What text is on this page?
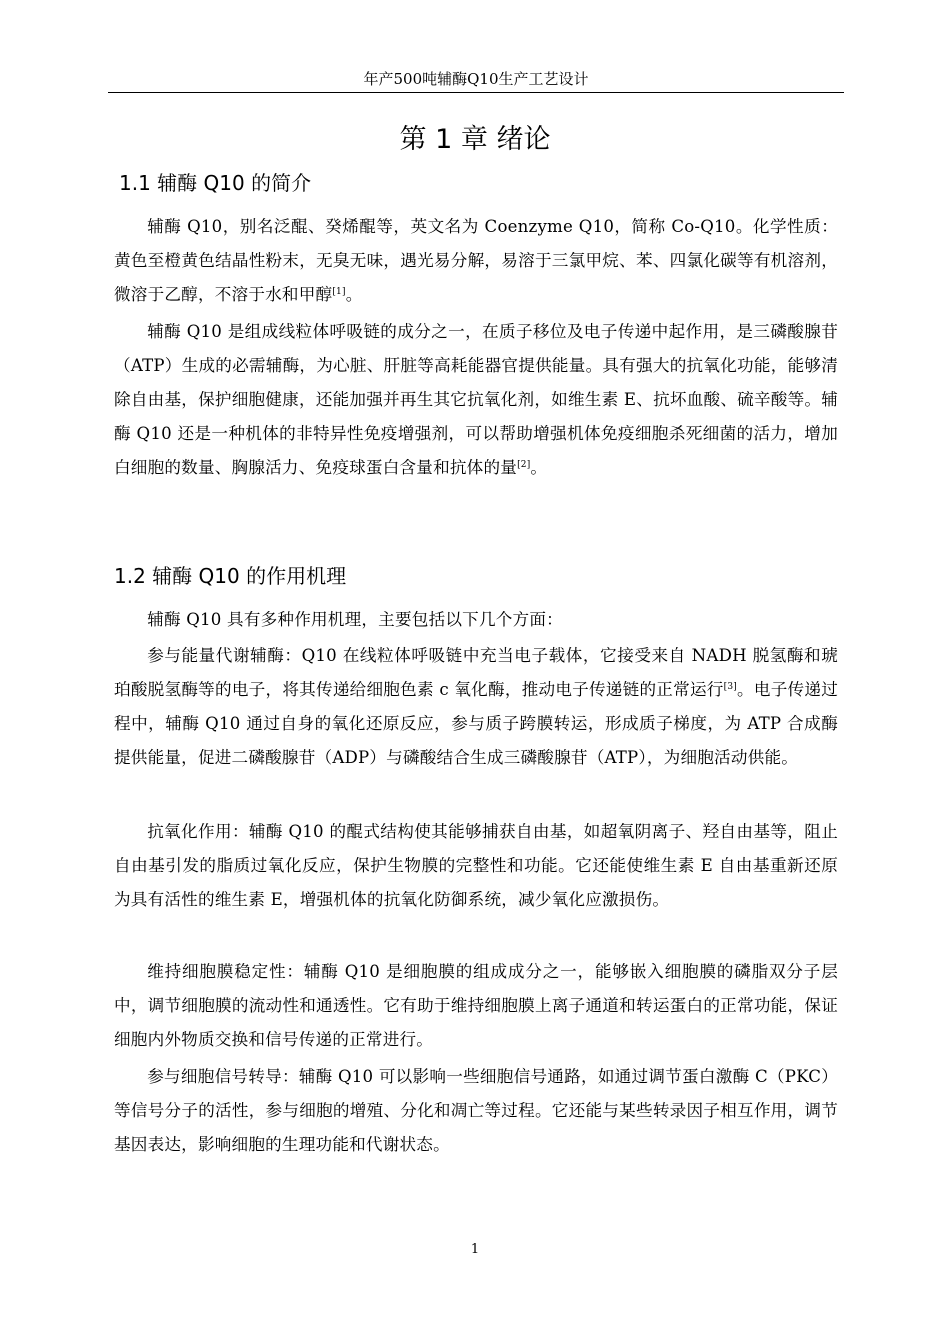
年产500吨辅酶Q10生产工艺设计
第 1 章 绪论
1.1 辅酶 Q10 的简介

辅酶 Q10，别名泛醌、癸烯醌等，英文名为 Coenzyme Q10，简称 Co-Q10。化学性质：黄色至橙黄色结晶性粉末，无臭无味，遇光易分解，易溶于三氯甲烷、苯、四氯化碳等有机溶剂，微溶于乙醇，不溶于水和甲醇[1]。

辅酶 Q10 是组成线粒体呼吸链的成分之一，在质子移位及电子传递中起作用，是三磷酸腺苷（ATP）生成的必需辅酶，为心脏、肝脏等高耗能器官提供能量。具有强大的抗氧化功能，能够清除自由基，保护细胞健康，还能加强并再生其它抗氧化剂，如维生素 E、抗坏血酸、硫辛酸等。辅酶 Q10 还是一种机体的非特异性免疫增强剂，可以帮助增强机体免疫细胞杀死细菌的活力，增加白细胞的数量、胸腺活力、免疫球蛋白含量和抗体的量[2]。

1.2 辅酶 Q10 的作用机理

辅酶 Q10 具有多种作用机理，主要包括以下几个方面：

参与能量代谢辅酶：Q10 在线粒体呼吸链中充当电子载体，它接受来自 NADH 脱氢酶和琥珀酸脱氢酶等的电子，将其传递给细胞色素 c 氧化酶，推动电子传递链的正常运行[3]。电子传递过程中，辅酶 Q10 通过自身的氧化还原反应，参与质子跨膜转运，形成质子梯度，为 ATP 合成酶提供能量，促进二磷酸腺苷（ADP）与磷酸结合生成三磷酸腺苷（ATP），为细胞活动供能。

抗氧化作用：辅酶 Q10 的醌式结构使其能够捕获自由基，如超氧阴离子、羟自由基等，阻止自由基引发的脂质过氧化反应，保护生物膜的完整性和功能。它还能使维生素 E 自由基重新还原为具有活性的维生素 E，增强机体的抗氧化防御系统，减少氧化应激损伤。

维持细胞膜稳定性：辅酶 Q10 是细胞膜的组成成分之一，能够嵌入细胞膜的磷脂双分子层中，调节细胞膜的流动性和通透性。它有助于维持细胞膜上离子通道和转运蛋白的正常功能，保证细胞内外物质交换和信号传递的正常进行。

参与细胞信号转导：辅酶 Q10 可以影响一些细胞信号通路，如通过调节蛋白激酶 C（PKC）等信号分子的活性，参与细胞的增殖、分化和凋亡等过程。它还能与某些转录因子相互作用，调节基因表达，影响细胞的生理功能和代谢状态。

1
